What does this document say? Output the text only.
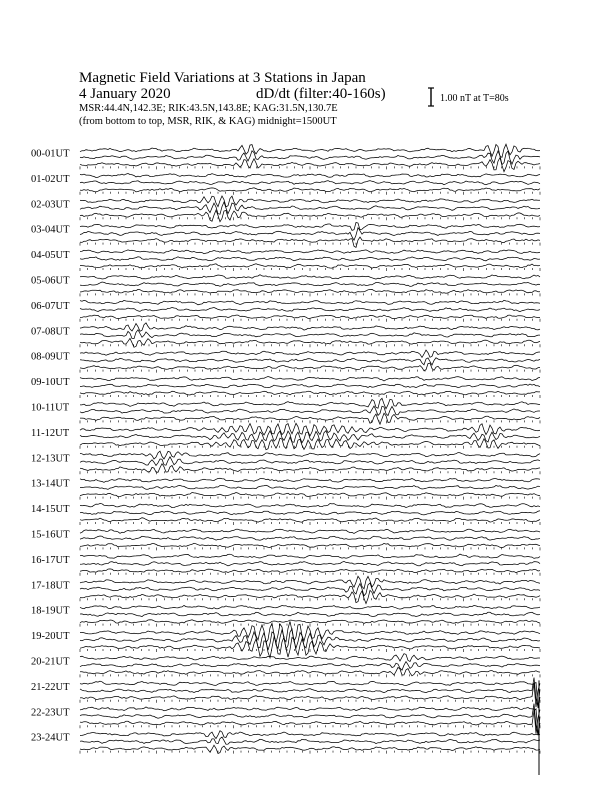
00-01UT
01-02UT
02-03UT
03-04UT
04-05UT
05-06UT
06-07UT
07-08UT
08-09UT
09-10UT
10-11UT
11-12UT
12-13UT
13-14UT
14-15UT
15-16UT
16-17UT
17-18UT
18-19UT
19-20UT
20-21UT
21-22UT
22-23UT
23-24UT
Magnetic Field Variations at 3 Stations in Japan
4 January 2020	dD/dt (filter:40-160s)
MSR:44.4N,142.3E; RIK:43.5N,143.8E; KAG:31.5N,130.7E
(from bottom to top, MSR, RIK, & KAG) midnight=1500UT
1.00 nT at T=80s
